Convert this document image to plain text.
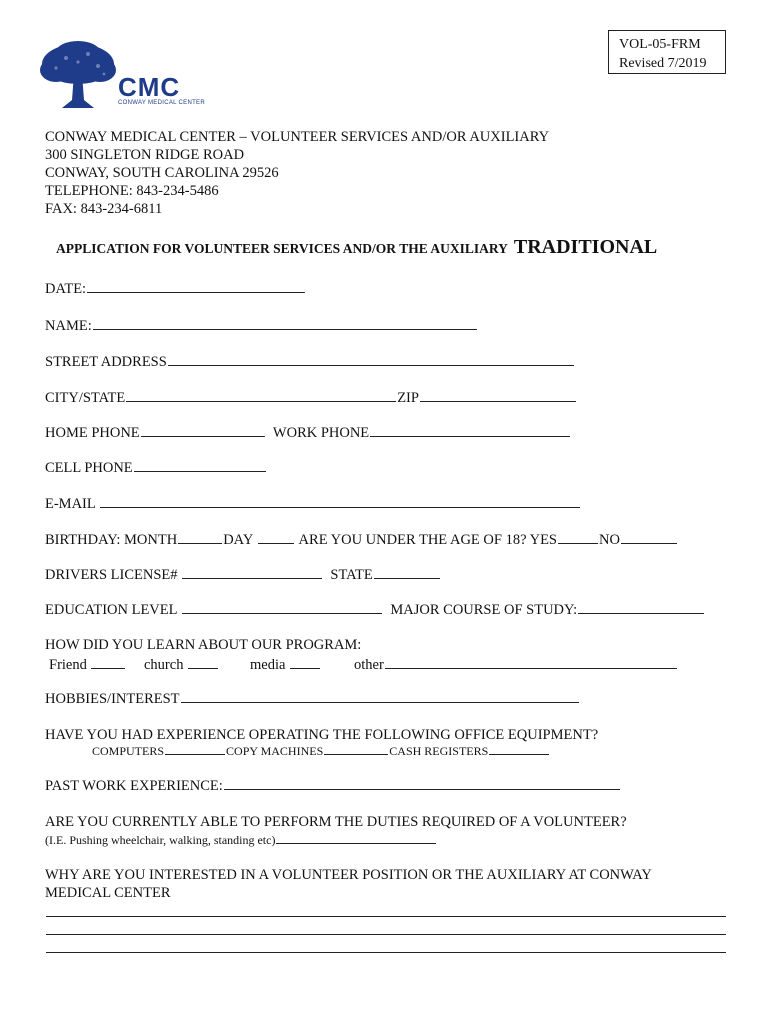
VOL-05-FRM
Revised 7/2019
CMC
CONWAY MEDICAL CENTER
CONWAY MEDICAL CENTER – VOLUNTEER SERVICES AND/OR AUXILIARY
300 SINGLETON RIDGE ROAD
CONWAY, SOUTH CAROLINA 29526
TELEPHONE: 843-234-5486
FAX: 843-234-6811
APPLICATION FOR VOLUNTEER SERVICES AND/OR THE AUXILIARY TRADITIONAL
DATE:
NAME:
STREET ADDRESS
CITY/STATE	ZIP
HOME PHONE	WORK PHONE
CELL PHONE
E-MAIL
BIRTHDAY: MONTH	DAY	ARE YOU UNDER THE AGE OF 18? YES	NO
DRIVERS LICENSE#	STATE
EDUCATION LEVEL	MAJOR COURSE OF STUDY:
HOW DID YOU LEARN ABOUT OUR PROGRAM:
Friend	church	media	other
HOBBIES/INTEREST
HAVE YOU HAD EXPERIENCE OPERATING THE FOLLOWING OFFICE EQUIPMENT?
COMPUTERS	COPY MACHINES	CASH REGISTERS
PAST WORK EXPERIENCE:
ARE YOU CURRENTLY ABLE TO PERFORM THE DUTIES REQUIRED OF A VOLUNTEER?
(I.E. Pushing wheelchair, walking, standing etc)
WHY ARE YOU INTERESTED IN A VOLUNTEER POSITION OR THE AUXILIARY AT CONWAY
MEDICAL CENTER
